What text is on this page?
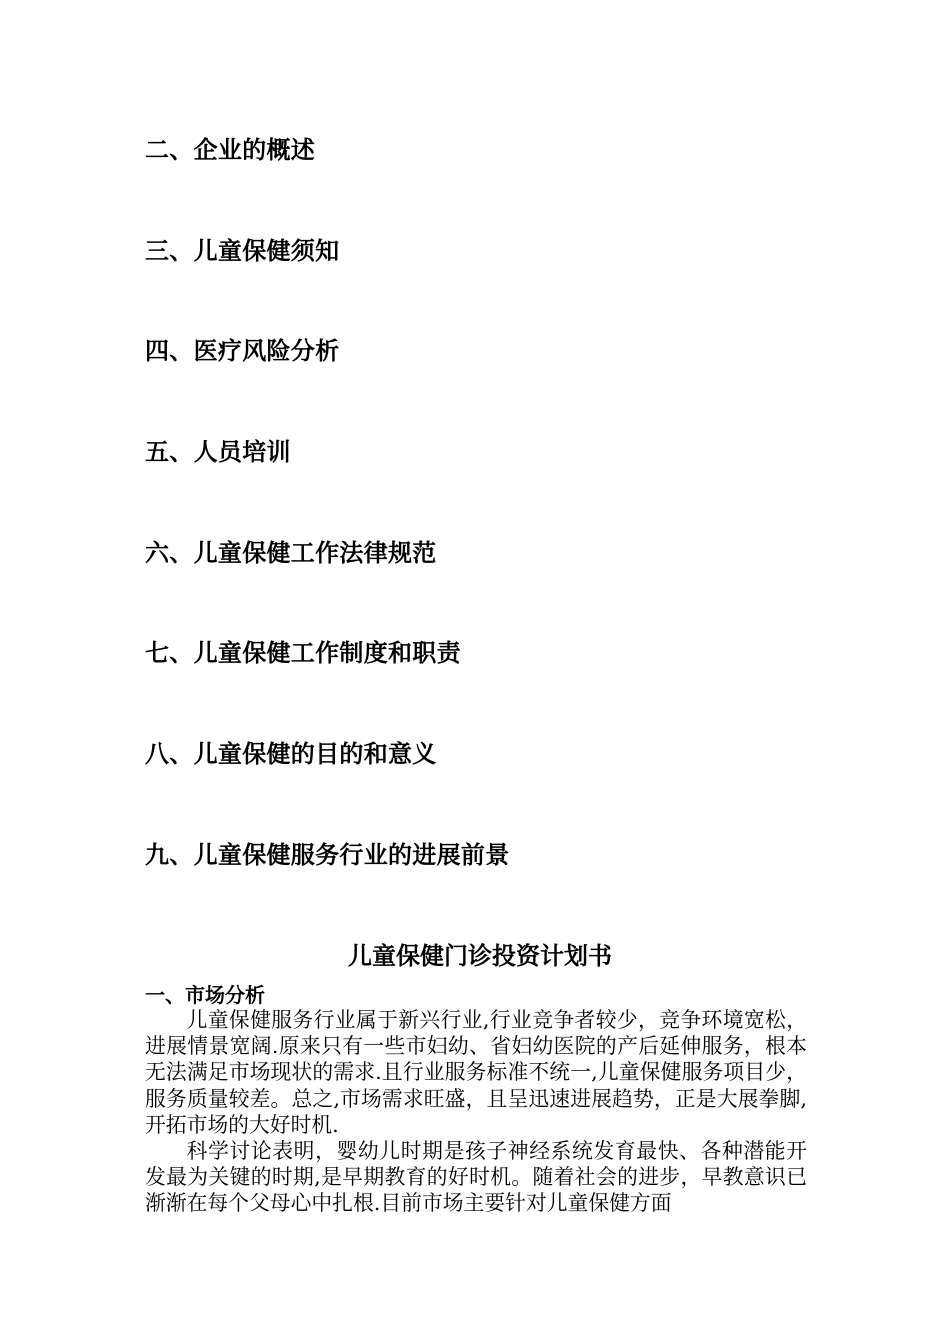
二、企业的概述
三、儿童保健须知
四、医疗风险分析
五、人员培训
六、儿童保健工作法律规范
七、儿童保健工作制度和职责
八、儿童保健的目的和意义
九、儿童保健服务行业的进展前景
儿童保健门诊投资计划书
一、市场分析

儿童保健服务行业属于新兴行业,行业竞争者较少，竞争环境宽松，进展情景宽阔.原来只有一些市妇幼、省妇幼医院的产后延伸服务，根本无法满足市场现状的需求.且行业服务标准不统一,儿童保健服务项目少，服务质量较差。总之,市场需求旺盛，且呈迅速进展趋势，正是大展拳脚,开拓市场的大好时机.

科学讨论表明，婴幼儿时期是孩子神经系统发育最快、各种潜能开发最为关键的时期,是早期教育的好时机。随着社会的进步，早教意识已渐渐在每个父母心中扎根.目前市场主要针对儿童保健方面
